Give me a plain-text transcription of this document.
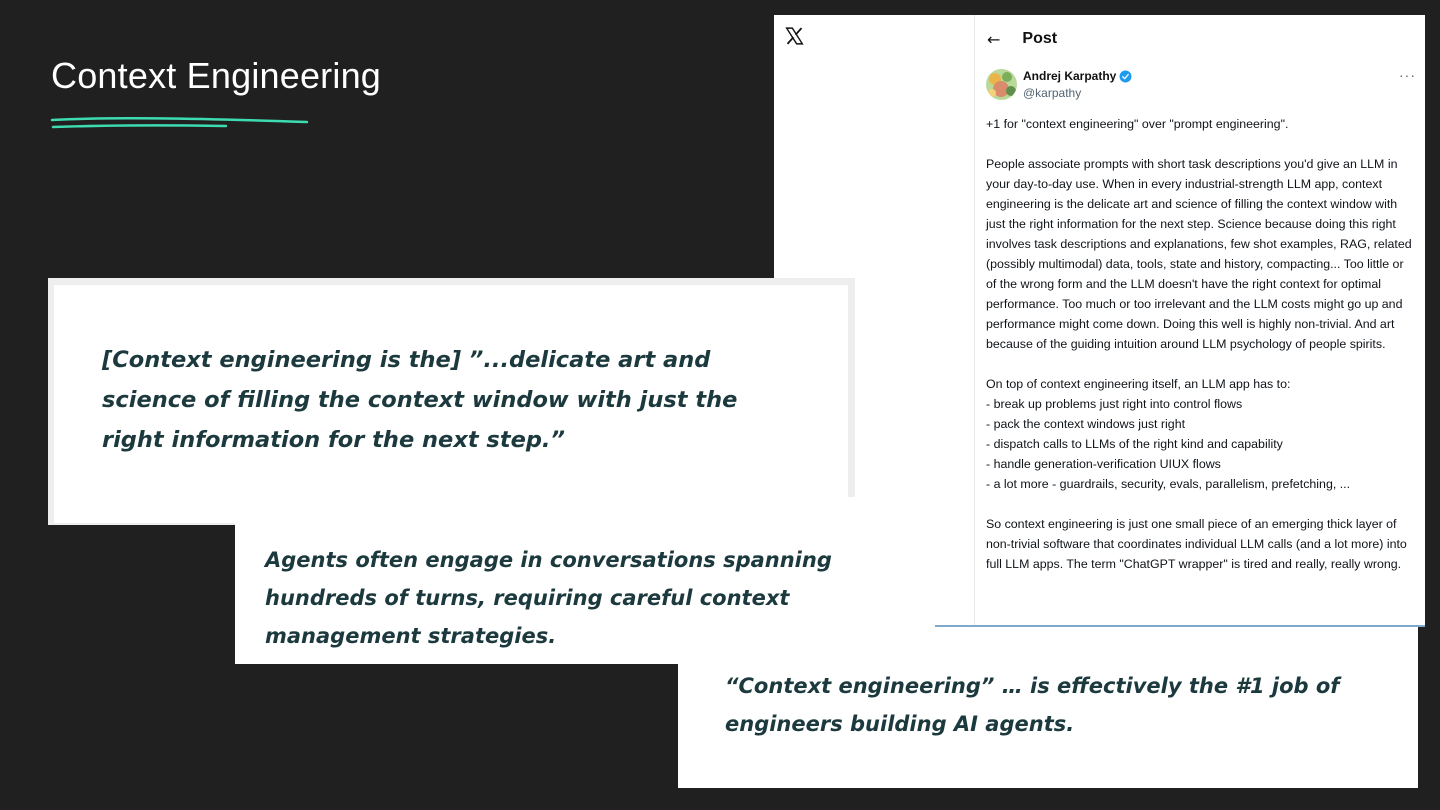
Context Engineering
← Post
Andrej Karpathy
@karpathy
···

+1 for "context engineering" over "prompt engineering".

People associate prompts with short task descriptions you'd give an LLM in your day-to-day use. When in every industrial-strength LLM app, context engineering is the delicate art and science of filling the context window with just the right information for the next step. Science because doing this right involves task descriptions and explanations, few shot examples, RAG, related (possibly multimodal) data, tools, state and history, compacting... Too little or of the wrong form and the LLM doesn't have the right context for optimal performance. Too much or too irrelevant and the LLM costs might go up and performance might come down. Doing this well is highly non-trivial. And art because of the guiding intuition around LLM psychology of people spirits.

On top of context engineering itself, an LLM app has to:

- break up problems just right into control flows
- pack the context windows just right
- dispatch calls to LLMs of the right kind and capability
- handle generation-verification UIUX flows
- a lot more - guardrails, security, evals, parallelism, prefetching, ...

So context engineering is just one small piece of an emerging thick layer of non-trivial software that coordinates individual LLM calls (and a lot more) into full LLM apps. The term "ChatGPT wrapper" is tired and really, really wrong.

[Context engineering is the] ”...delicate art and science of filling the context window with just the right information for the next step.”

Agents often engage in conversations spanning hundreds of turns, requiring careful context management strategies.

“Context engineering” … is effectively the #1 job of engineers building AI agents.
